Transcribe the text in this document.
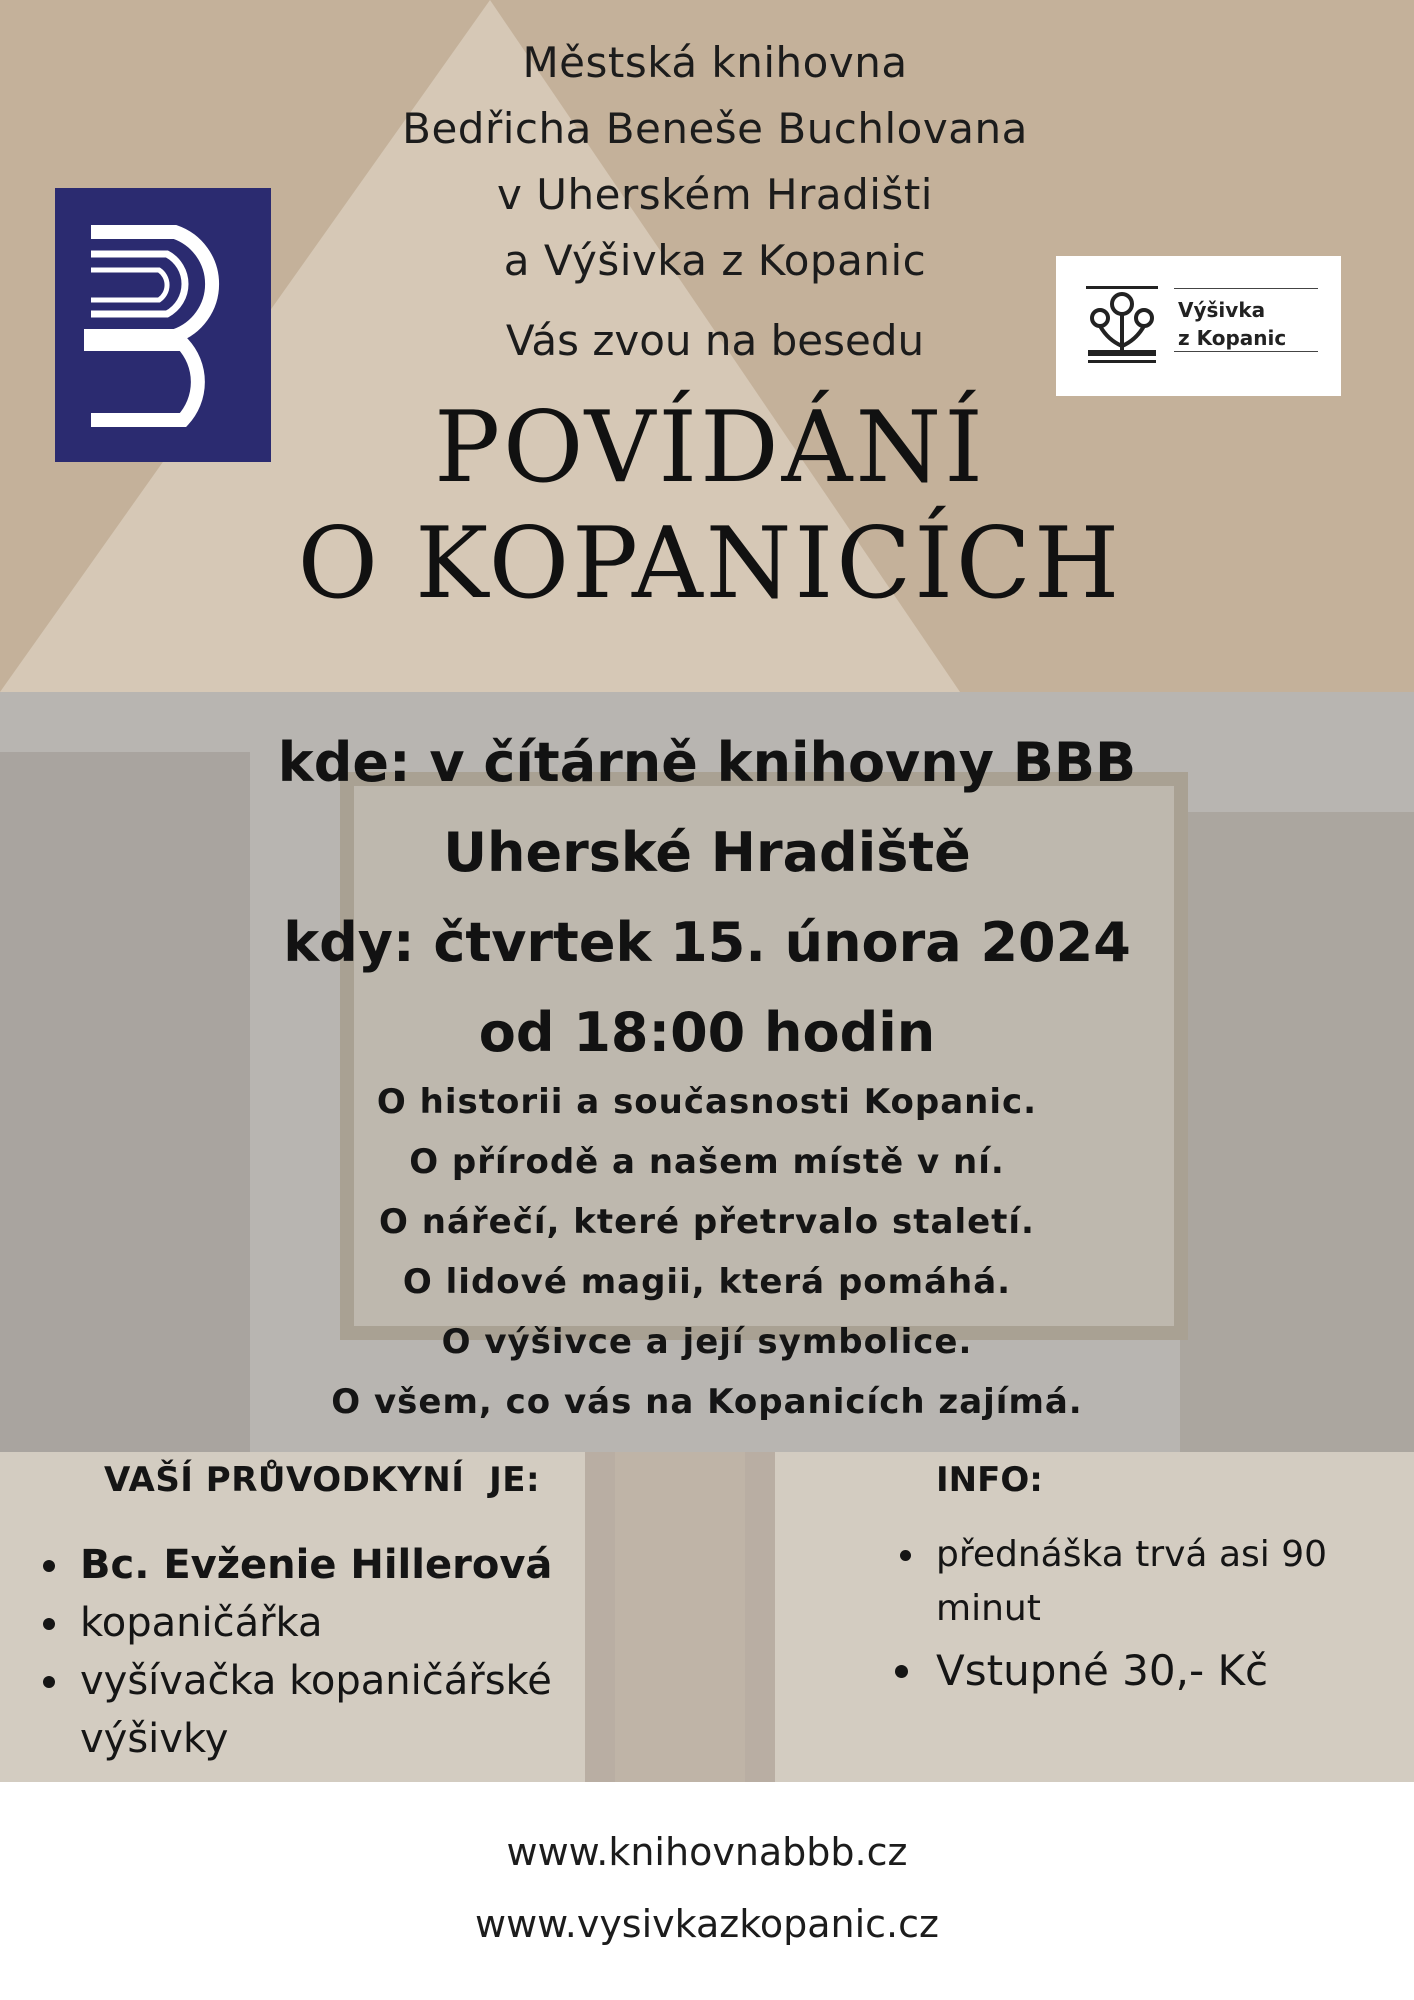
Městská knihovna
Bedřicha Beneše Buchlovana
v Uherském Hradišti
a Výšivka z Kopanic
Vás zvou na besedu
Výšivka
z Kopanic
POVÍDÁNÍ
O KOPANICÍCH
kde: v čítárně knihovny BBB
Uherské Hradiště
kdy: čtvrtek 15. února 2024
od 18:00 hodin
O historii a současnosti Kopanic.
O přírodě a našem místě v ní.
O nářečí, které přetrvalo staletí.
O lidové magii, která pomáhá.
O výšivce a její symbolice.
O všem, co vás na Kopanicích zajímá.
VAŠÍ PRŮVODKYNÍ  JE:
• Bc. Evženie Hillerová
• kopaničářka
• vyšívačka kopaničářské výšivky
INFO:
• přednáška trvá asi 90 minut
• Vstupné 30,- Kč
www.knihovnabbb.cz
www.vysivkazkopanic.cz
